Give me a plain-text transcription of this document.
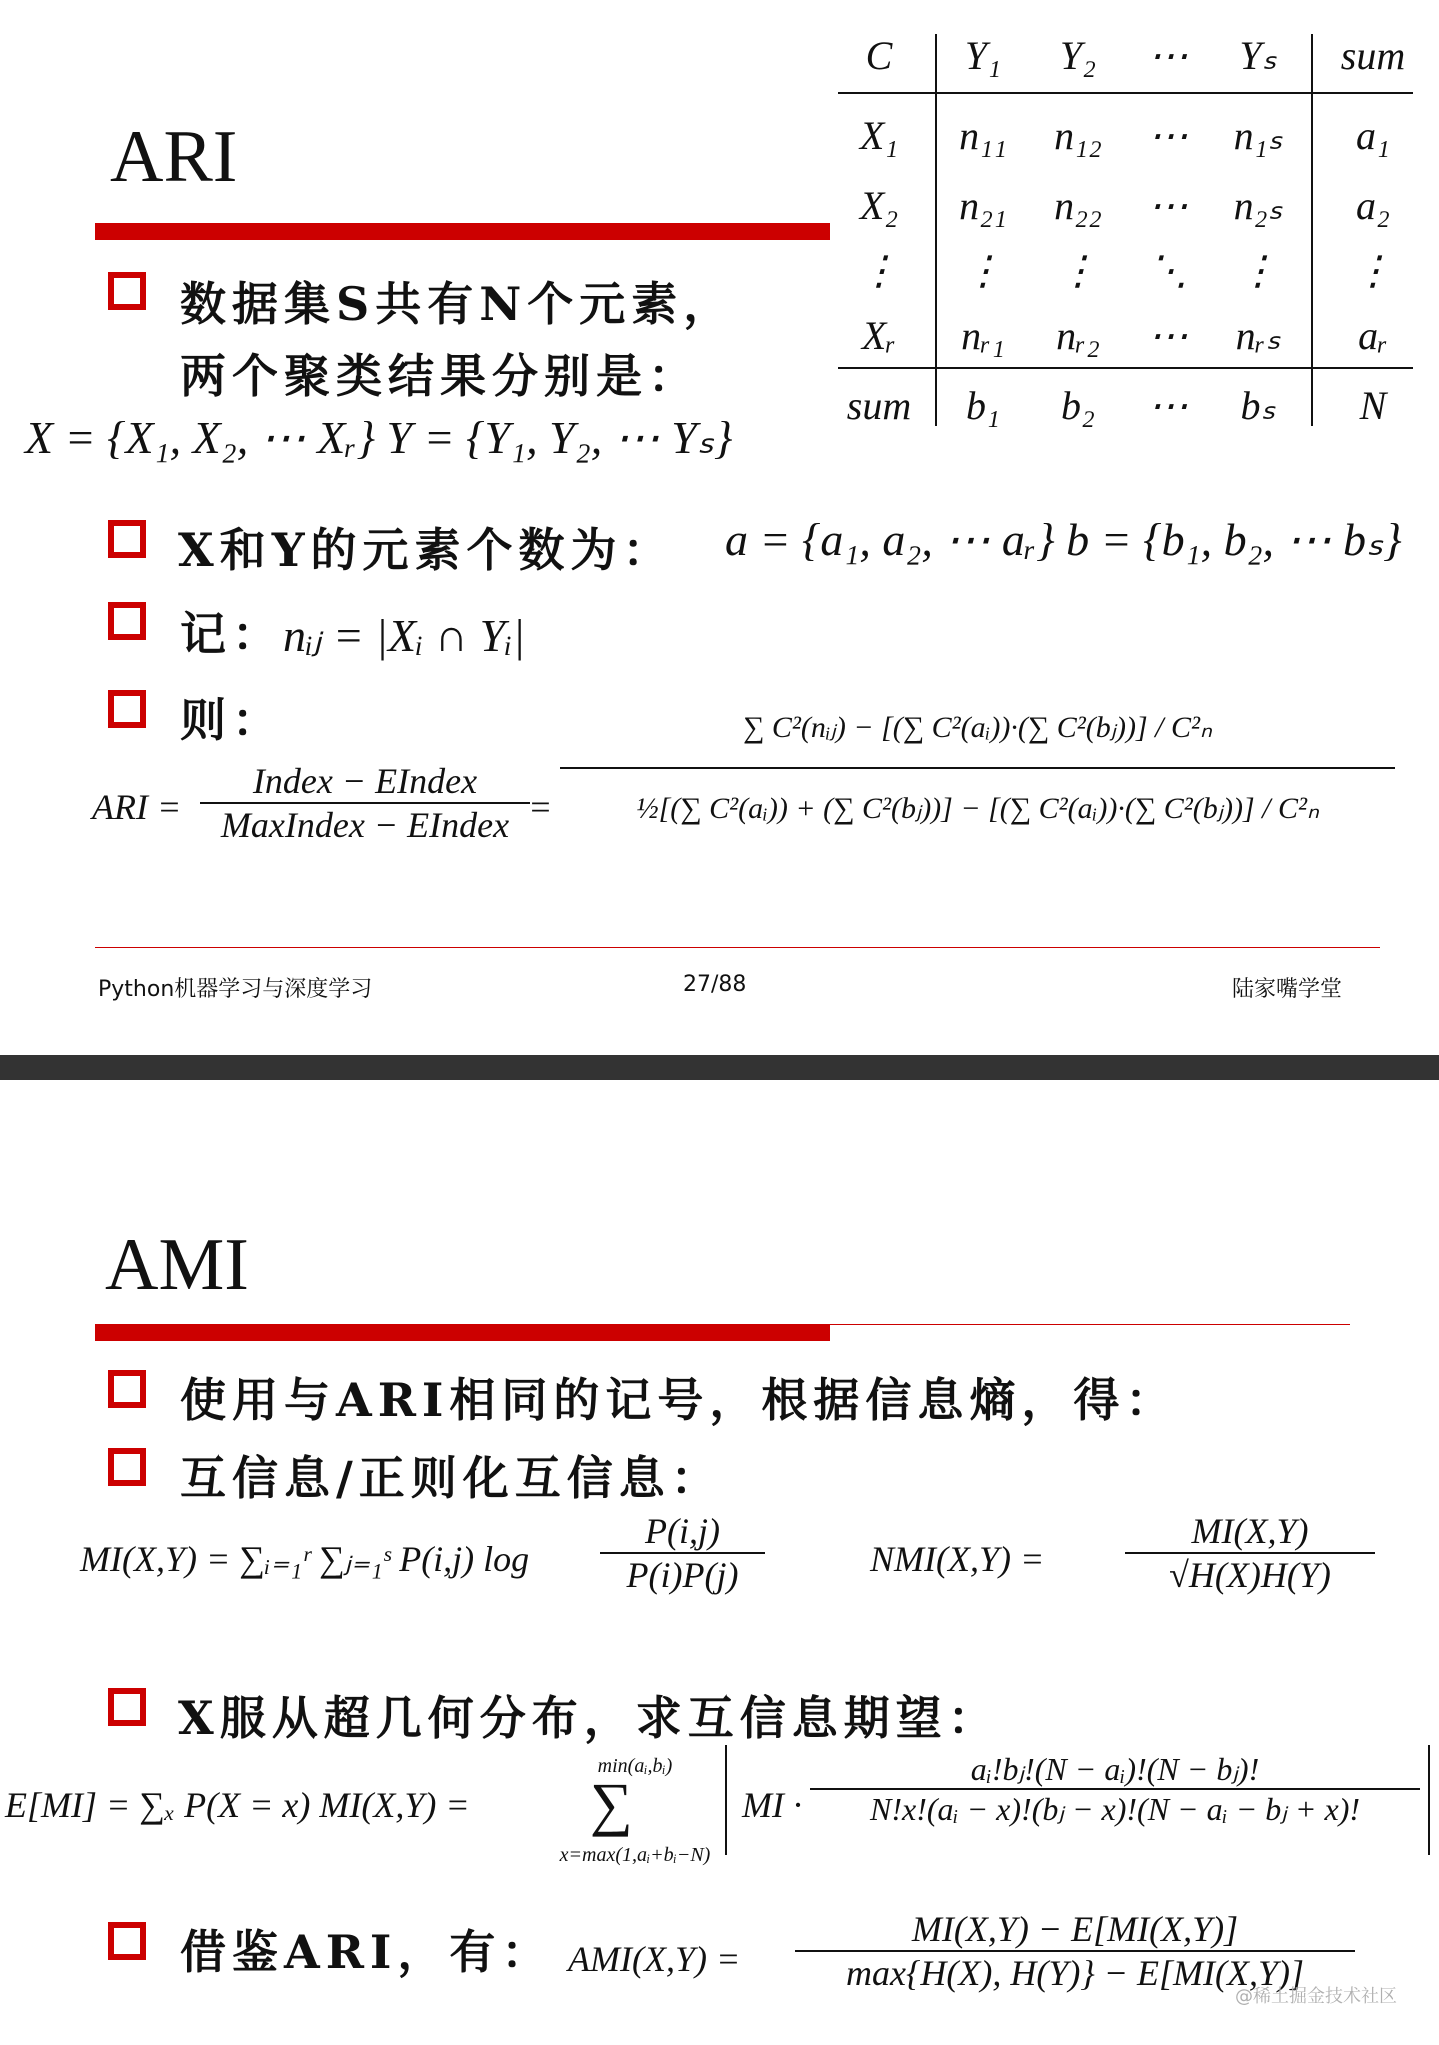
ARI
C	Y₁	Y₂	⋯	Yₛ	sum
X₁	n₁₁	n₁₂	⋯	n₁ₛ	a₁
X₂	n₂₁	n₂₂	⋯	n₂ₛ	a₂
⋮	⋮	⋮	⋱	⋮	⋮
Xᵣ	nᵣ₁	nᵣ₂	⋯	nᵣₛ	aᵣ
sum	b₁	b₂	⋯	bₛ	N
数据集S共有N个元素，
两个聚类结果分别是：
X = {X₁, X₂, ⋯ Xᵣ} Y = {Y₁, Y₂, ⋯ Yₛ}
X和Y的元素个数为： a = {a₁, a₂, ⋯ aᵣ} b = {b₁, b₂, ⋯ bₛ}
记： nᵢⱼ = |Xᵢ ∩ Yᵢ|
则：
ARI =
Index − EIndex
MaxIndex − EIndex =
∑ C²(nᵢⱼ) − [(∑ C²(aᵢ))·(∑ C²(bⱼ))] / C²ₙ
½[(∑ C²(aᵢ)) + (∑ C²(bⱼ))] − [(∑ C²(aᵢ))·(∑ C²(bⱼ))] / C²ₙ
Python机器学习与深度学习	27/88	陆家嘴学堂
AMI
使用与ARI相同的记号，根据信息熵，得：
互信息/正则化互信息：
MI(X,Y) = ∑ᵢ₌₁ʳ ∑ⱼ₌₁ˢ P(i,j) log
P(i,j)
P(i)P(j)	NMI(X,Y) =
MI(X,Y)
√H(X)H(Y)
X服从超几何分布，求互信息期望：
E[MI] = ∑ₓ P(X = x) MI(X,Y) =
min(aᵢ,bᵢ)
∑
x=max(1,aᵢ+bᵢ−N)
MI ·
aᵢ!bⱼ!(N − aᵢ)!(N − bⱼ)!
N!x!(aᵢ − x)!(bⱼ − x)!(N − aᵢ − bⱼ + x)!
借鉴ARI，有： AMI(X,Y) =
MI(X,Y) − E[MI(X,Y)]
max{H(X), H(Y)} − E[MI(X,Y)]
@稀土掘金技术社区
